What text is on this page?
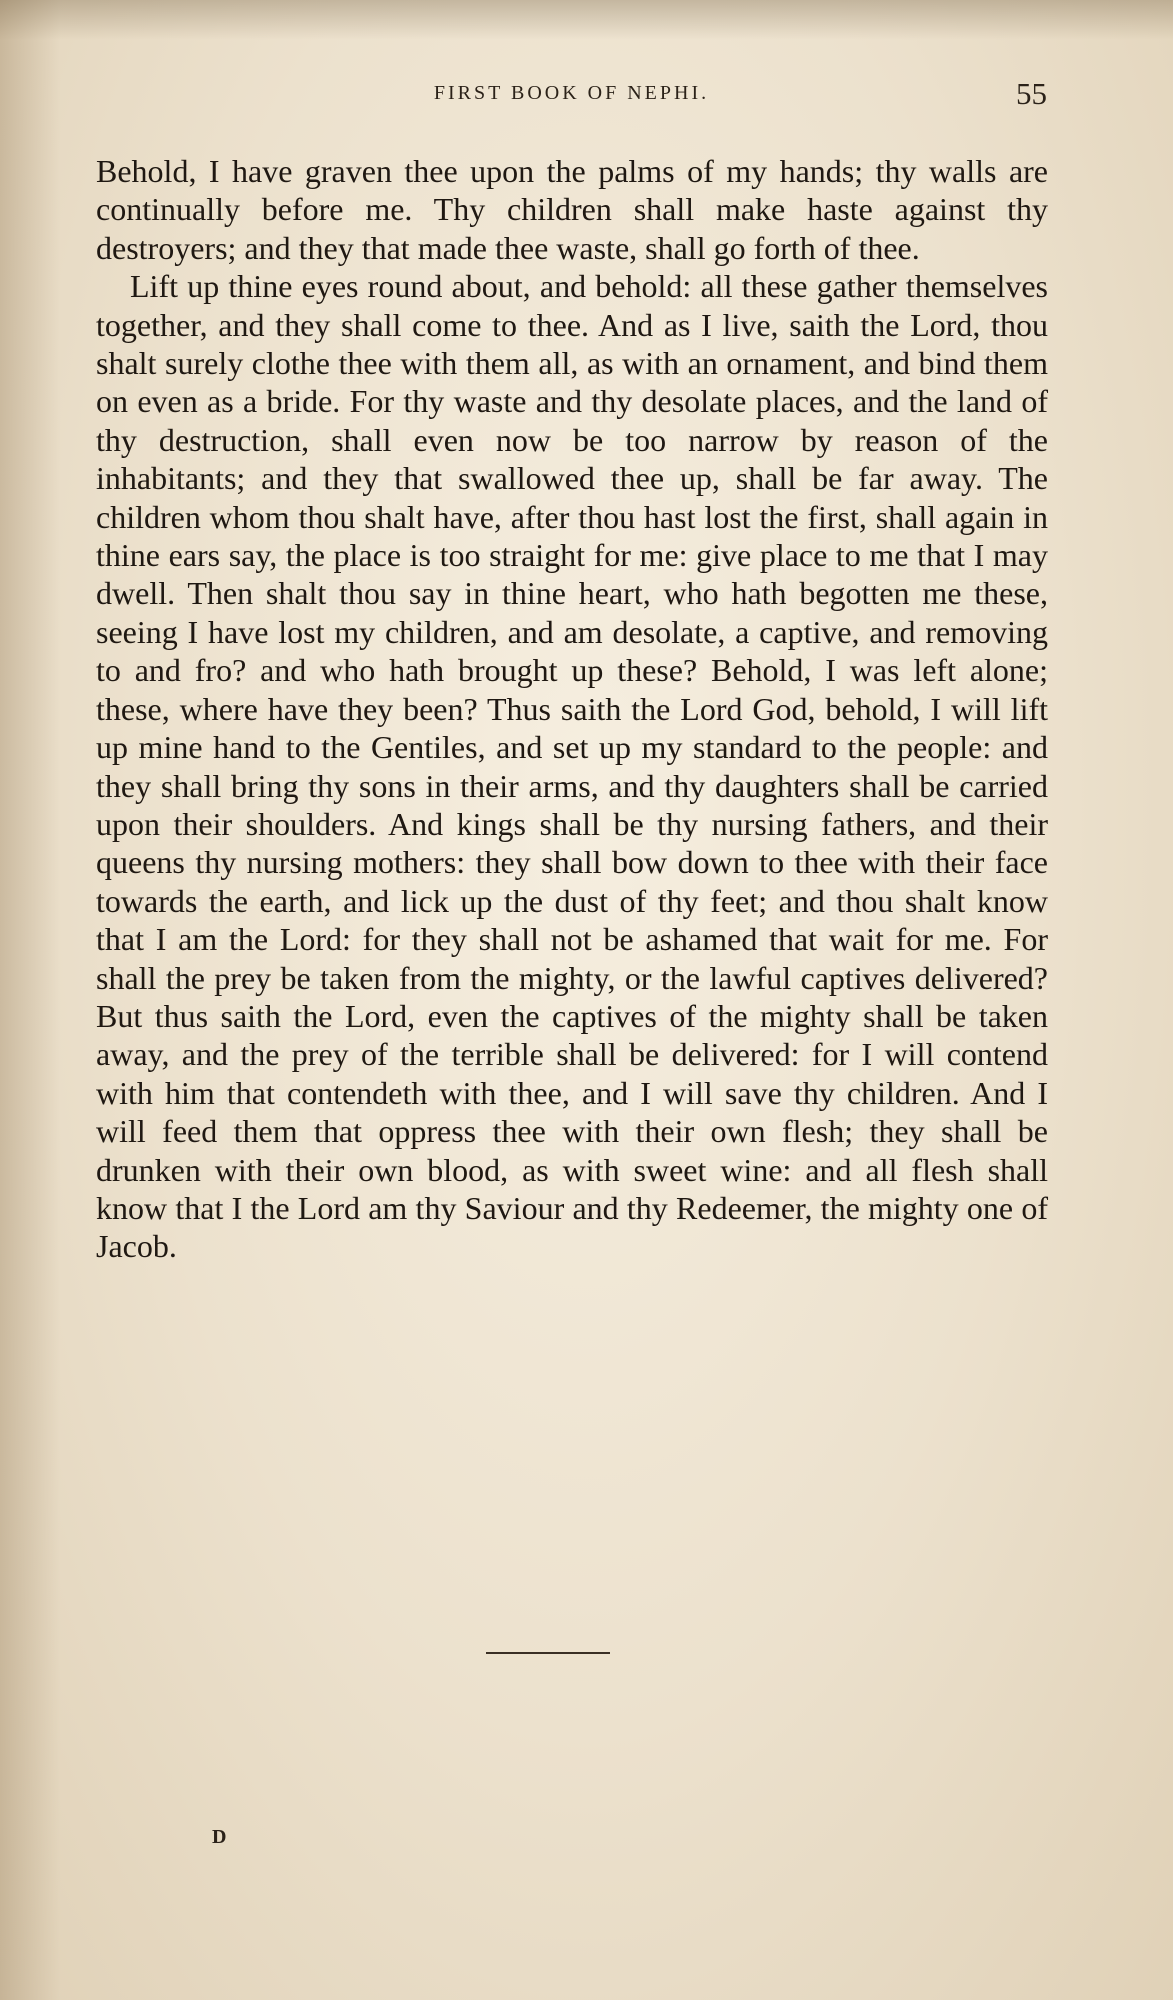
FIRST BOOK OF NEPHI.	55

Behold, I have graven thee upon the palms of my hands; thy walls are continually before me. Thy children shall make haste against thy destroyers; and they that made thee waste, shall go forth of thee.

Lift up thine eyes round about, and behold: all these gather themselves together, and they shall come to thee. And as I live, saith the Lord, thou shalt surely clothe thee with them all, as with an ornament, and bind them on even as a bride. For thy waste and thy desolate places, and the land of thy destruction, shall even now be too narrow by reason of the inhabitants; and they that swallowed thee up, shall be far away. The children whom thou shalt have, after thou hast lost the first, shall again in thine ears say, the place is too straight for me: give place to me that I may dwell. Then shalt thou say in thine heart, who hath begotten me these, seeing I have lost my children, and am desolate, a captive, and removing to and fro? and who hath brought up these? Behold, I was left alone; these, where have they been? Thus saith the Lord God, behold, I will lift up mine hand to the Gentiles, and set up my standard to the people: and they shall bring thy sons in their arms, and thy daughters shall be carried upon their shoulders. And kings shall be thy nursing fathers, and their queens thy nursing mothers: they shall bow down to thee with their face towards the earth, and lick up the dust of thy feet; and thou shalt know that I am the Lord: for they shall not be ashamed that wait for me. For shall the prey be taken from the mighty, or the lawful captives delivered? But thus saith the Lord, even the captives of the mighty shall be taken away, and the prey of the terrible shall be delivered: for I will contend with him that contendeth with thee, and I will save thy children. And I will feed them that oppress thee with their own flesh; they shall be drunken with their own blood, as with sweet wine: and all flesh shall know that I the Lord am thy Saviour and thy Redeemer, the mighty one of Jacob.

D
